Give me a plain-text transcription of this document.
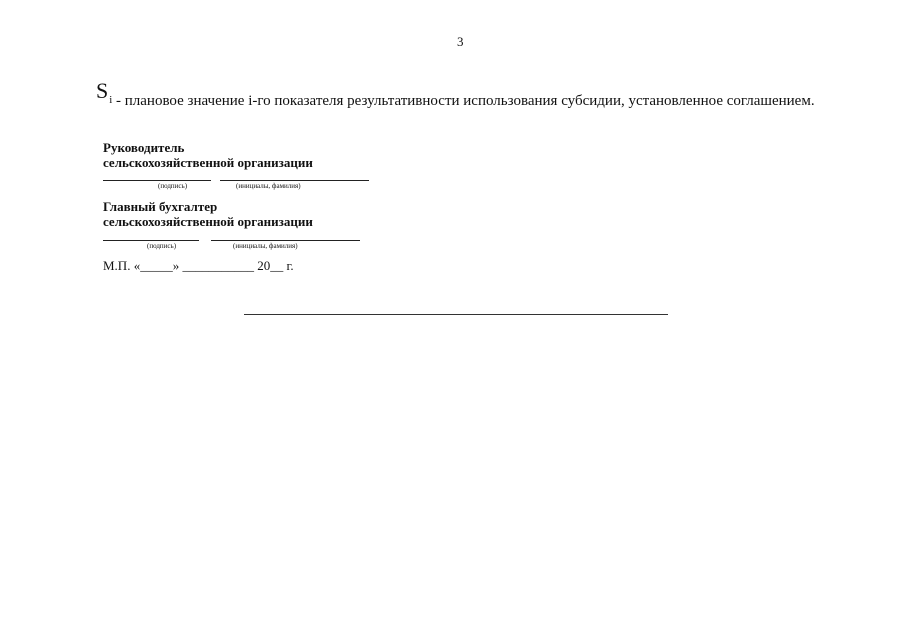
3
$S_i$ - плановое значение i-го показателя результативности использования субсидии, установленное соглашением.
Руководитель
сельскохозяйственной организации
(подпись)	(инициалы, фамилия)
Главный бухгалтер
сельскохозяйственной организации
(подпись)	(инициалы, фамилия)
М.П. «_____» ___________ 20__ г.
